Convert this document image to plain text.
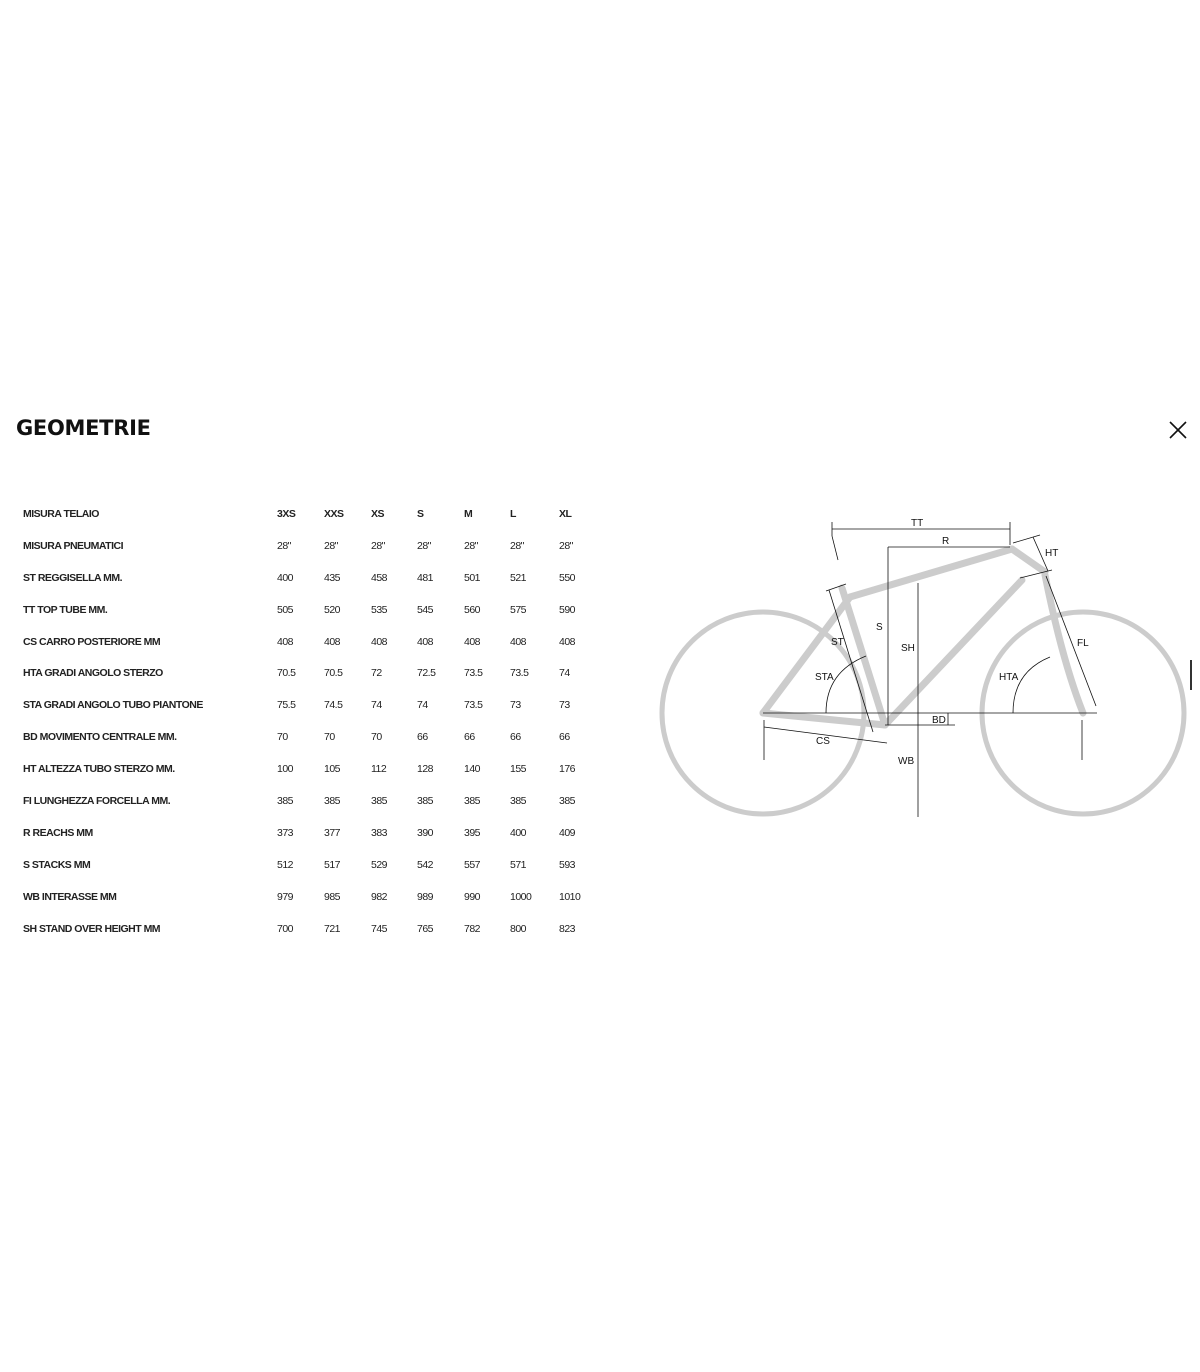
GEOMETRIE
MISURA TELAIO	3XS	XXS	XS	S	M	L	XL
MISURA PNEUMATICI	28"	28"	28"	28"	28"	28"	28"
ST REGGISELLA MM.	400	435	458	481	501	521	550
TT TOP TUBE MM.	505	520	535	545	560	575	590
CS CARRO POSTERIORE MM	408	408	408	408	408	408	408
HTA GRADI ANGOLO STERZO	70.5	70.5	72	72.5	73.5	73.5	74
STA GRADI ANGOLO TUBO PIANTONE	75.5	74.5	74	74	73.5	73	73
BD MOVIMENTO CENTRALE MM.	70	70	70	66	66	66	66
HT ALTEZZA TUBO STERZO MM.	100	105	112	128	140	155	176
FI LUNGHEZZA FORCELLA MM.	385	385	385	385	385	385	385
R REACHS MM	373	377	383	390	395	400	409
S STACKS MM	512	517	529	542	557	571	593
WB INTERASSE MM	979	985	982	989	990	1000	1010
SH STAND OVER HEIGHT MM	700	721	745	765	782	800	823
TT
R
HT
ST
S
SH	FL
STA	HTA
BD
CS
WB
